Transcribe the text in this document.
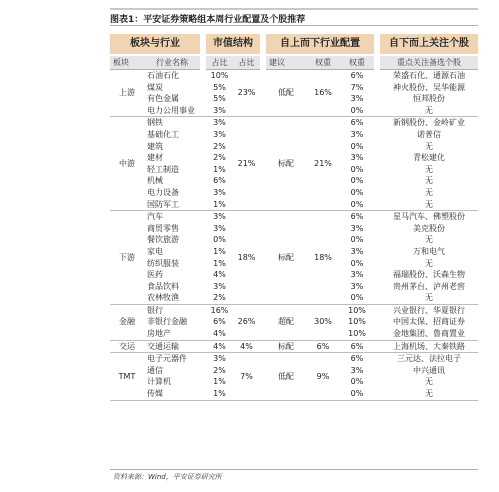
图表1：平安证券策略组本周行业配置及个股推荐
板块与行业			市值结构			自上而下行业配置				自下而上关注个股
板块	行业名称		占比	占比		建议	权重	权重		重点关注备选个股
上游	石油石化		10%	23%		低配	16%	6%		荣盛石化、通源石油
	煤炭		5%					7%		神火股份、吴华能源
	有色金属		5%					3%		恒邦股份
	电力公用事业		3%					0%		无
中游	钢铁		3%	21%		标配	21%	6%		新钢股份、金岭矿业
	基础化工		3%					3%		诺普信
	建筑		2%					0%		无
	建材		2%					3%		青松建化
	轻工制造		1%					0%		无
	机械		6%					0%		无
	电力设备		3%					0%		无
	国防军工		1%					0%		无
下游	汽车		3%	18%		标配	18%	6%		星马汽车、佛塑股份
	商贸零售		3%					3%		美克股份
	餐饮旅游		0%					0%		无
	家电		1%					3%		万和电气
	纺织服装		1%					0%		无
	医药		4%					3%		福瑞股份、沃森生物
	食品饮料		3%					3%		贵州茅台、泸州老窖
	农林牧渔		2%					0%		无
金融	银行		16%	26%		超配	30%	10%		兴业银行、华夏银行
	非银行金融		6%					10%		中国太保、招商证券
	房地产		4%					10%		金地集团、鲁商置业
交运	交通运输		4%	4%		标配	6%	6%		上海机场、大秦铁路
TMT	电子元器件		3%	7%		低配	9%	6%		三元达、法拉电子
	通信		2%					3%		中兴通讯
	计算机		1%					0%		无
	传媒		1%					0%		无
资料来源：Wind，平安证券研究所
